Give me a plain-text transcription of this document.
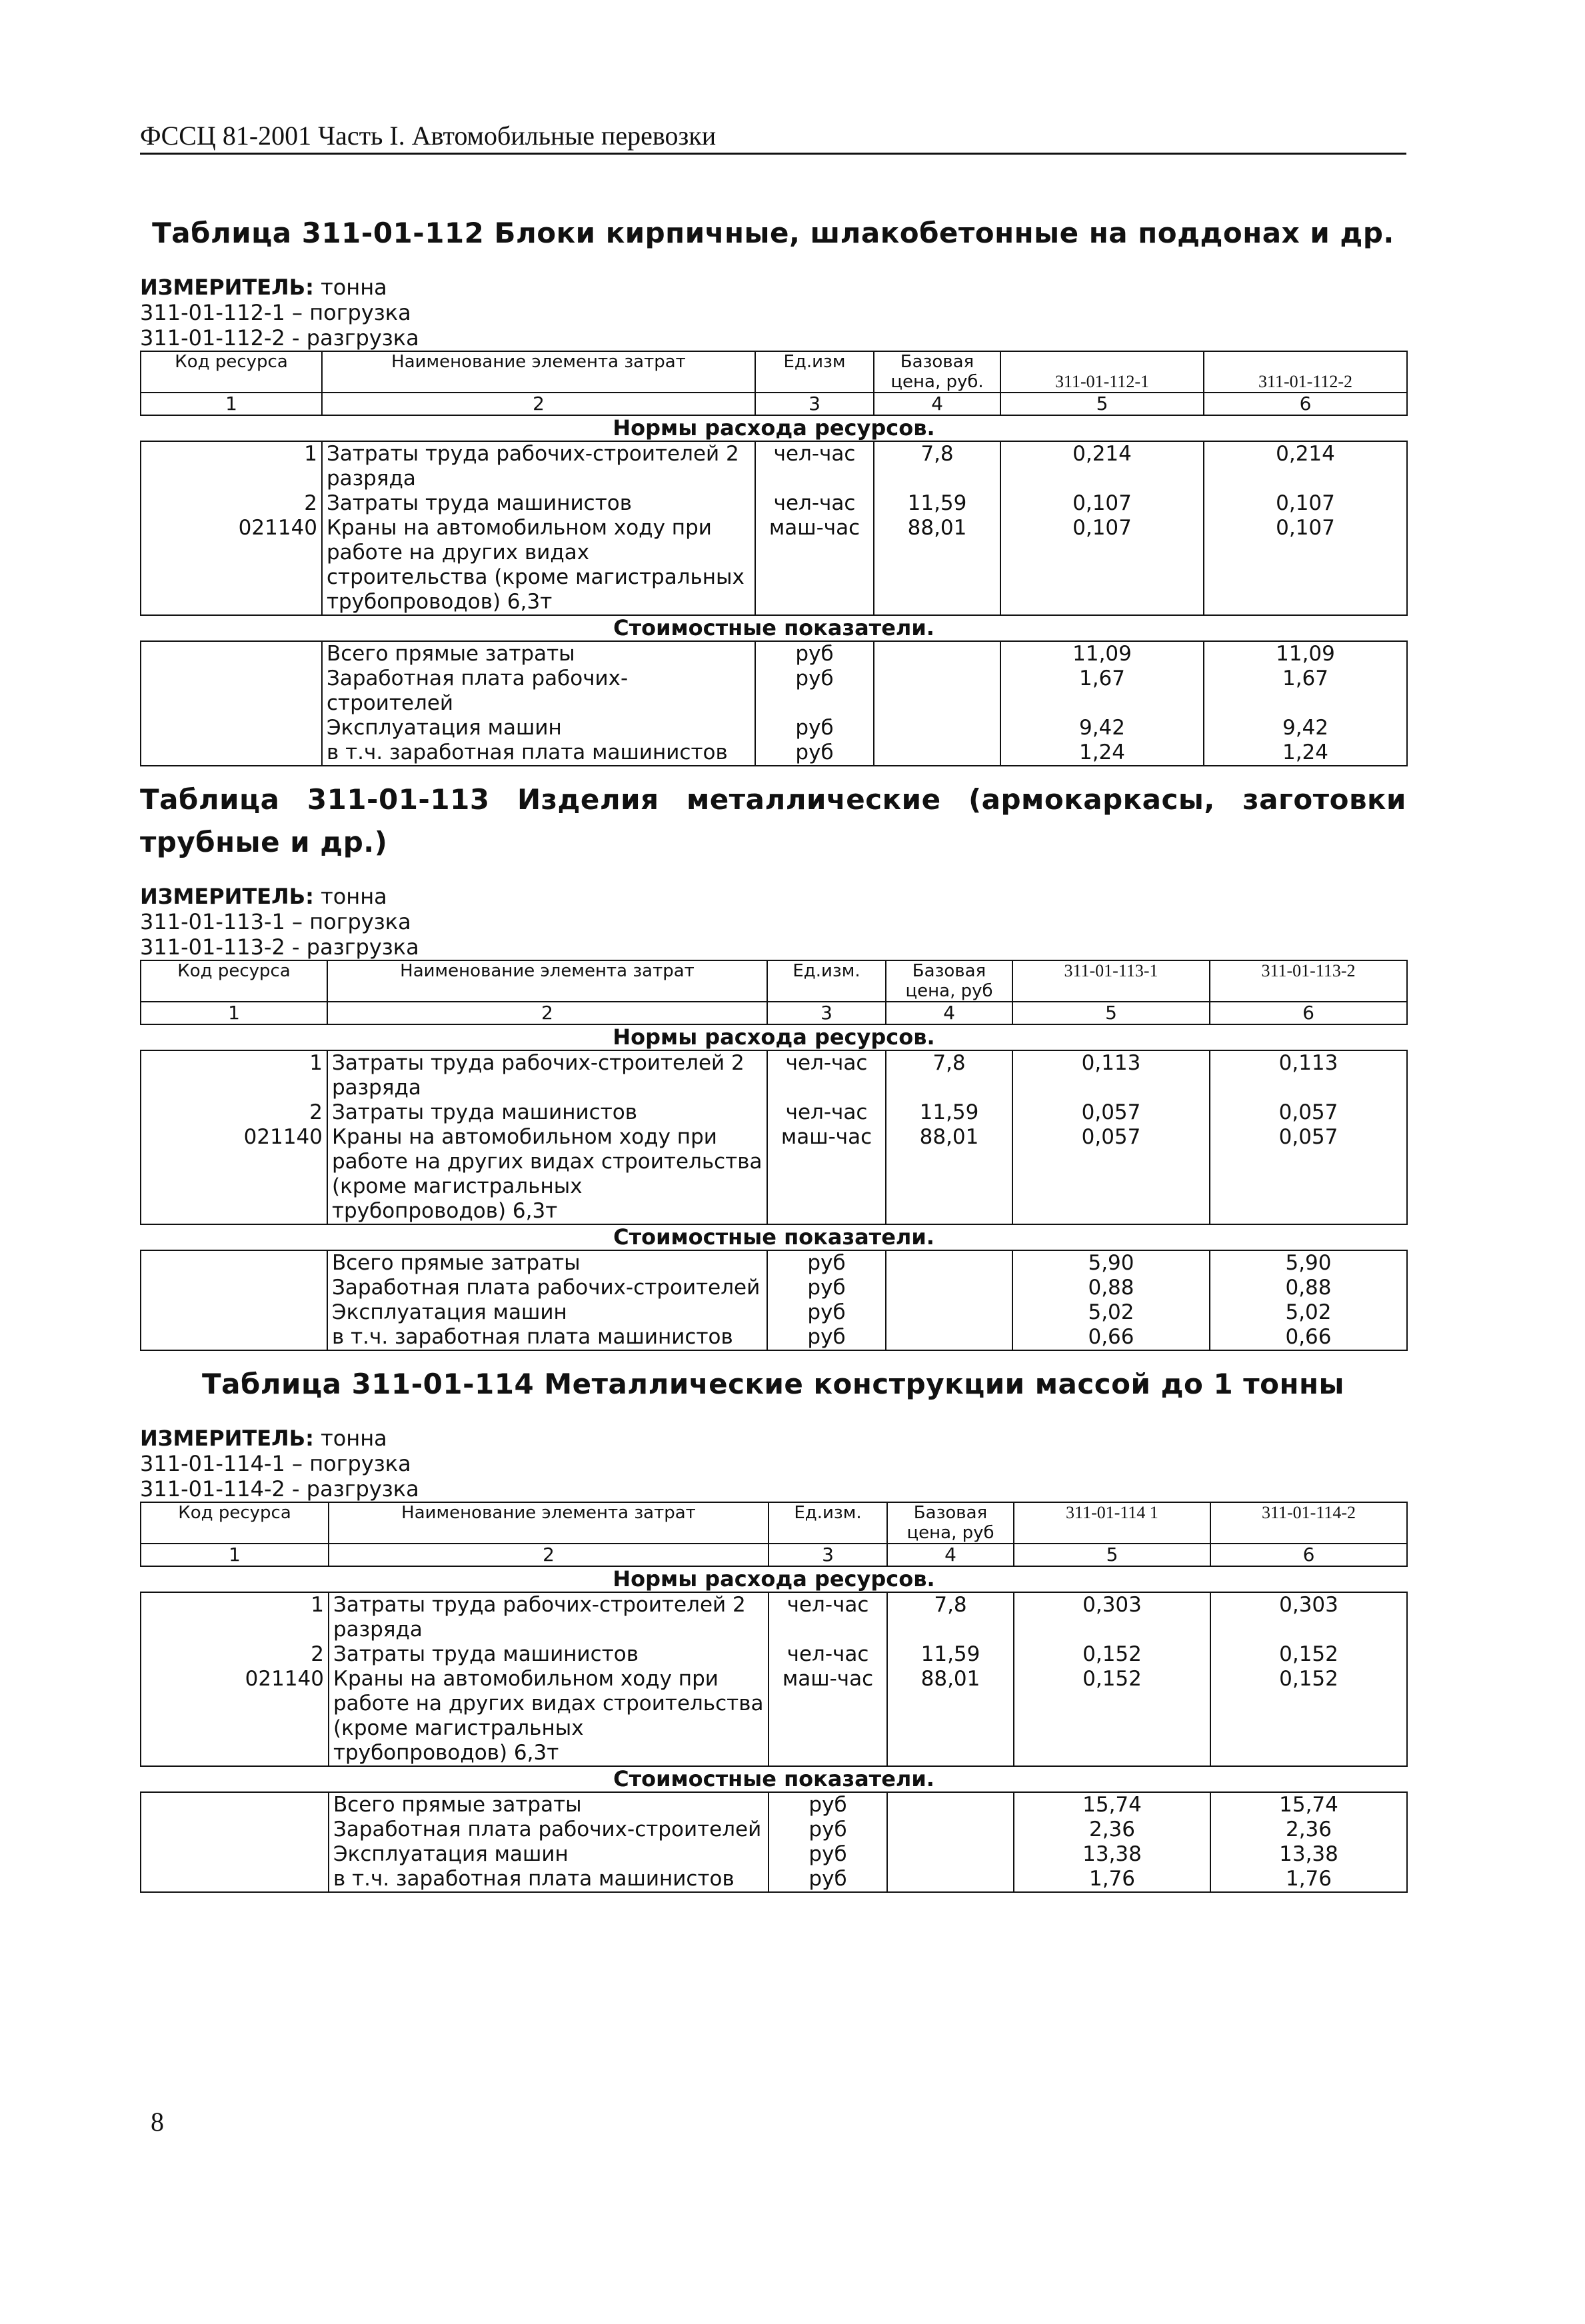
ФССЦ 81-2001 Часть I. Автомобильные перевозки
Таблица 311-01-112 Блоки кирпичные, шлакобетонные на поддонах и др.
ИЗМЕРИТЕЛЬ: тонна
311-01-112-1 – погрузка
311-01-112-2 - разгрузка
Код ресурса	Наименование элемента затрат	Ед.изм	Базовая цена, руб.	311-01-112-1	311-01-112-2
1	2	3	4	5	6
Нормы расхода ресурсов.					
1	Затраты труда рабочих-строителей 2 разряда	чел-час	7,8	0,214	0,214
2	Затраты труда машинистов	чел-час	11,59	0,107	0,107
021140	Краны на автомобильном ходу при работе на других видах строительства (кроме магистральных трубопроводов) 6,3т	маш-час	88,01	0,107	0,107
Стоимостные показатели.					
	Всего прямые затраты	руб		11,09	11,09
	Заработная плата рабочих-строителей	руб		1,67	1,67
	Эксплуатация машин	руб		9,42	9,42
	в т.ч. заработная плата машинистов	руб		1,24	1,24
Таблица 311-01-113 Изделия металлические (армокаркасы, заготовки трубные и др.)
ИЗМЕРИТЕЛЬ: тонна
311-01-113-1 – погрузка
311-01-113-2 - разгрузка
Код ресурса	Наименование элемента затрат	Ед.изм.	Базовая цена, руб	311-01-113-1	311-01-113-2
1	2	3	4	5	6
Нормы расхода ресурсов.					
1	Затраты труда рабочих-строителей 2 разряда	чел-час	7,8	0,113	0,113
2	Затраты труда машинистов	чел-час	11,59	0,057	0,057
021140	Краны на автомобильном ходу при работе на других видах строительства (кроме магистральных трубопроводов) 6,3т	маш-час	88,01	0,057	0,057
Стоимостные показатели.					
	Всего прямые затраты	руб		5,90	5,90
	Заработная плата рабочих-строителей	руб		0,88	0,88
	Эксплуатация машин	руб		5,02	5,02
	в т.ч. заработная плата машинистов	руб		0,66	0,66
Таблица 311-01-114 Металлические конструкции массой до 1 тонны
ИЗМЕРИТЕЛЬ: тонна
311-01-114-1 – погрузка
311-01-114-2 - разгрузка
Код ресурса	Наименование элемента затрат	Ед.изм.	Базовая цена, руб	311-01-114 1	311-01-114-2
1	2	3	4	5	6
Нормы расхода ресурсов.					
1	Затраты труда рабочих-строителей 2 разряда	чел-час	7,8	0,303	0,303
2	Затраты труда машинистов	чел-час	11,59	0,152	0,152
021140	Краны на автомобильном ходу при работе на других видах строительства (кроме магистральных трубопроводов) 6,3т	маш-час	88,01	0,152	0,152
Стоимостные показатели.					
	Всего прямые затраты	руб		15,74	15,74
	Заработная плата рабочих-строителей	руб		2,36	2,36
	Эксплуатация машин	руб		13,38	13,38
	в т.ч. заработная плата машинистов	руб		1,76	1,76
8
